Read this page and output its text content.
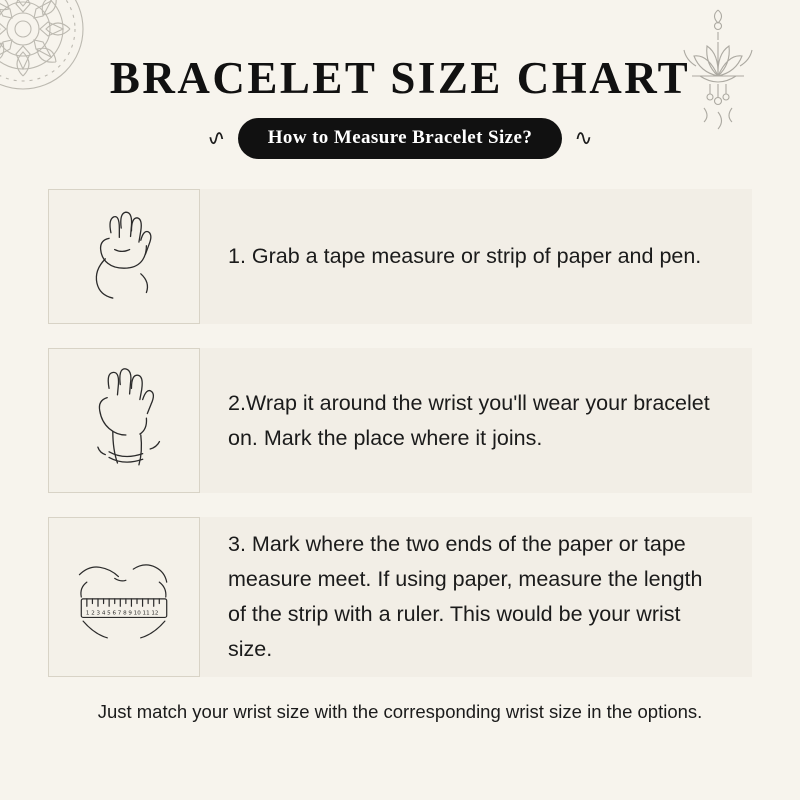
BRACELET SIZE CHART
∿	How to Measure Bracelet Size?	∿
1. Grab a tape measure or strip of paper and pen.
2.Wrap it around the wrist you'll wear your bracelet on. Mark the place where it joins.
1 2 3 4 5 6 7 8 9 10 11 12
3. Mark where the two ends of the paper or tape measure meet. If using paper, measure the length of the strip with a ruler. This would be your wrist size.
Just match your wrist size with the corresponding wrist size in the options.
